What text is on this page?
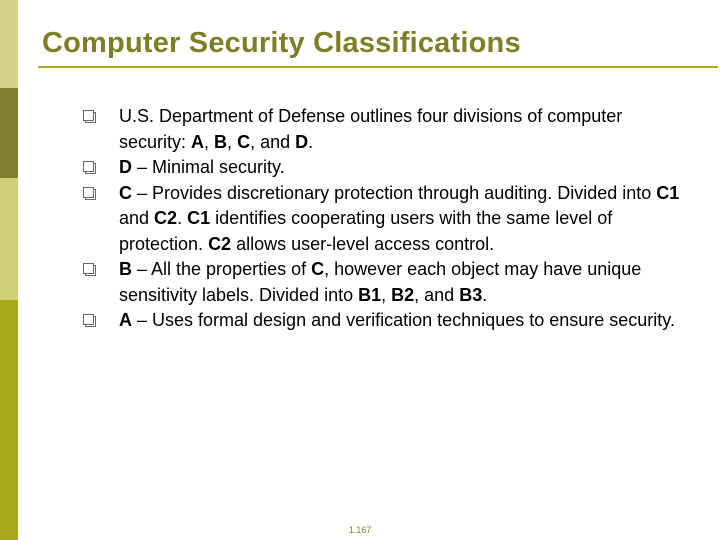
Computer Security Classifications
U.S. Department of Defense outlines four divisions of computer security: A, B, C, and D.
D – Minimal security.
C – Provides discretionary protection through auditing. Divided into C1 and C2. C1 identifies cooperating users with the same level of protection. C2 allows user-level access control.
B – All the properties of C, however each object may have unique sensitivity labels. Divided into B1, B2, and B3.
A – Uses formal design and verification techniques to ensure security.
1.167
